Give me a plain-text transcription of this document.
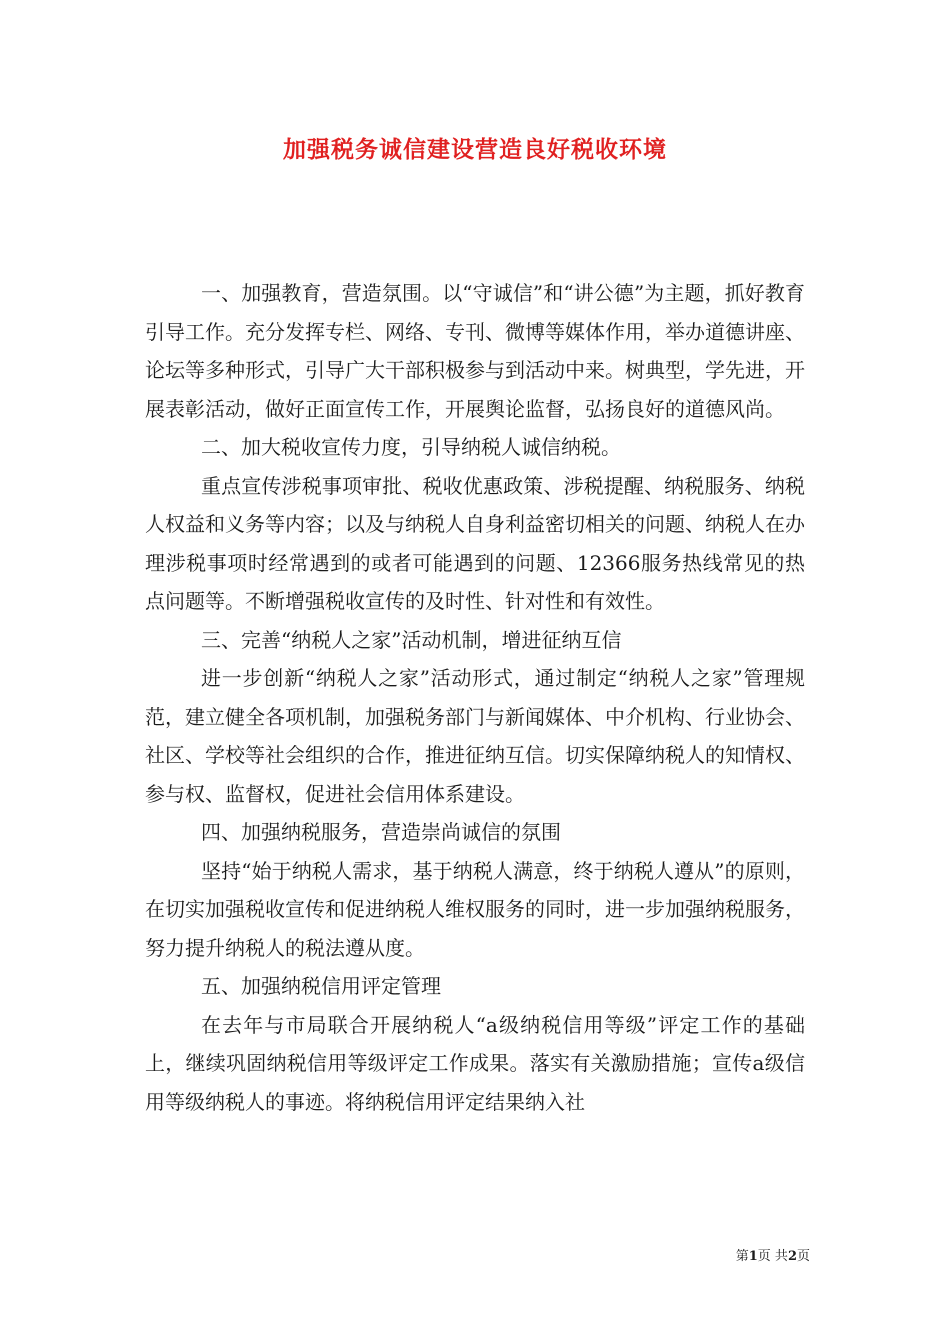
加强税务诚信建设营造良好税收环境

一、加强教育，营造氛围。以“守诚信”和“讲公德”为主题，抓好教育引导工作。充分发挥专栏、网络、专刊、微博等媒体作用，举办道德讲座、论坛等多种形式，引导广大干部积极参与到活动中来。树典型，学先进，开展表彰活动，做好正面宣传工作，开展舆论监督，弘扬良好的道德风尚。

二、加大税收宣传力度，引导纳税人诚信纳税。

重点宣传涉税事项审批、税收优惠政策、涉税提醒、纳税服务、纳税人权益和义务等内容；以及与纳税人自身利益密切相关的问题、纳税人在办理涉税事项时经常遇到的或者可能遇到的问题、12366服务热线常见的热点问题等。不断增强税收宣传的及时性、针对性和有效性。

三、完善“纳税人之家”活动机制，增进征纳互信

进一步创新“纳税人之家”活动形式，通过制定“纳税人之家”管理规范，建立健全各项机制，加强税务部门与新闻媒体、中介机构、行业协会、社区、学校等社会组织的合作，推进征纳互信。切实保障纳税人的知情权、参与权、监督权，促进社会信用体系建设。

四、加强纳税服务，营造崇尚诚信的氛围

坚持“始于纳税人需求，基于纳税人满意，终于纳税人遵从”的原则，在切实加强税收宣传和促进纳税人维权服务的同时，进一步加强纳税服务，努力提升纳税人的税法遵从度。

五、加强纳税信用评定管理

在去年与市局联合开展纳税人“a级纳税信用等级”评定工作的基础上，继续巩固纳税信用等级评定工作成果。落实有关激励措施；宣传a级信用等级纳税人的事迹。将纳税信用评定结果纳入社

第1页 共2页
